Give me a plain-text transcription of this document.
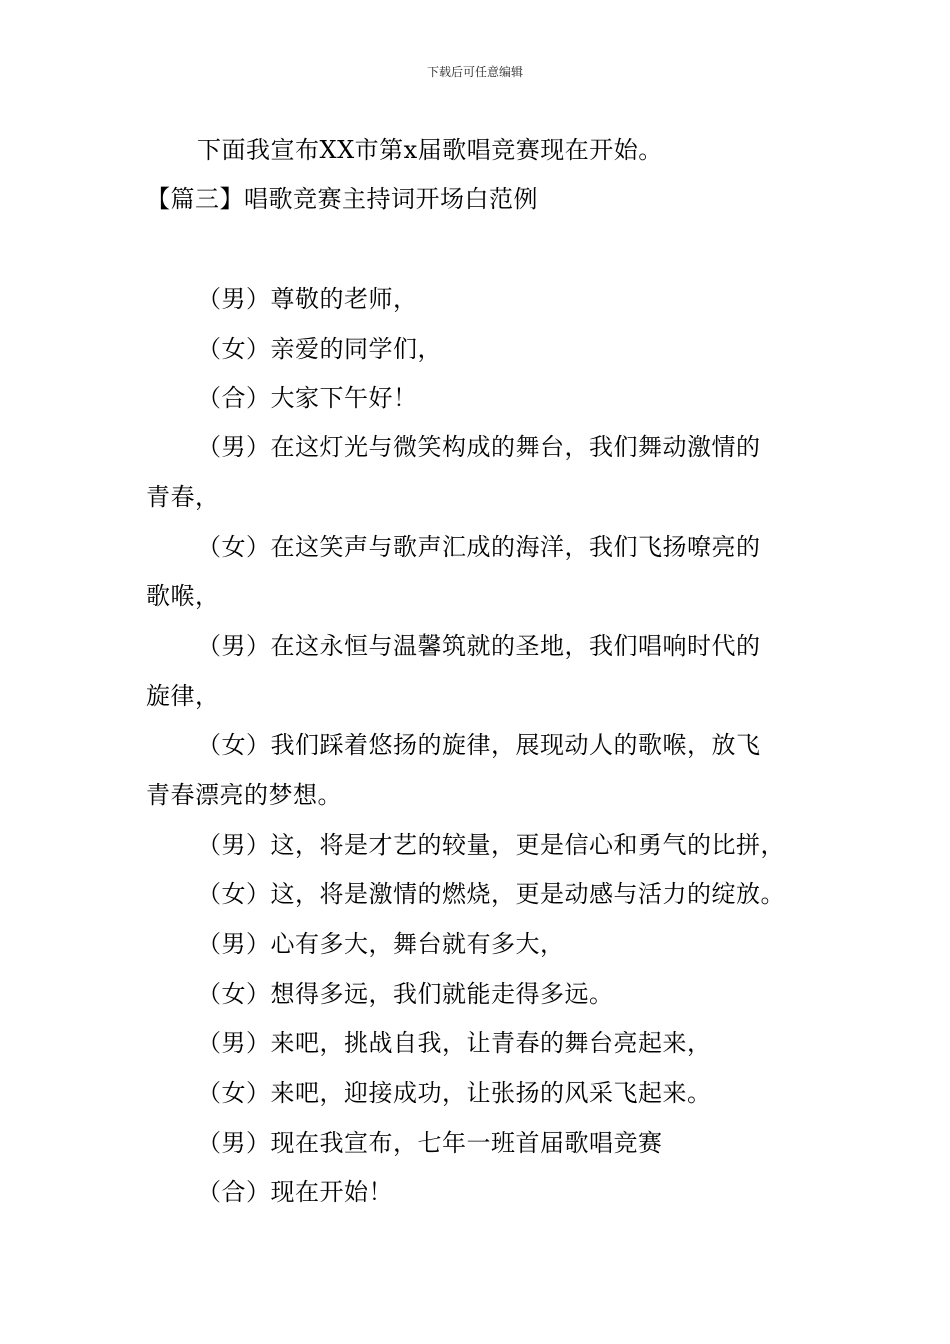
下载后可任意编辑
下面我宣布XX市第x届歌唱竞赛现在开始。
【篇三】唱歌竞赛主持词开场白范例
（男）尊敬的老师，
（女）亲爱的同学们，
（合）大家下午好！
（男）在这灯光与微笑构成的舞台，我们舞动激情的
青春，
（女）在这笑声与歌声汇成的海洋，我们飞扬嘹亮的
歌喉，
（男）在这永恒与温馨筑就的圣地，我们唱响时代的
旋律，
（女）我们踩着悠扬的旋律，展现动人的歌喉，放飞
青春漂亮的梦想。
（男）这，将是才艺的较量，更是信心和勇气的比拼，
（女）这，将是激情的燃烧，更是动感与活力的绽放。
（男）心有多大，舞台就有多大，
（女）想得多远，我们就能走得多远。
（男）来吧，挑战自我，让青春的舞台亮起来，
（女）来吧，迎接成功，让张扬的风采飞起来。
（男）现在我宣布，七年一班首届歌唱竞赛
（合）现在开始！
